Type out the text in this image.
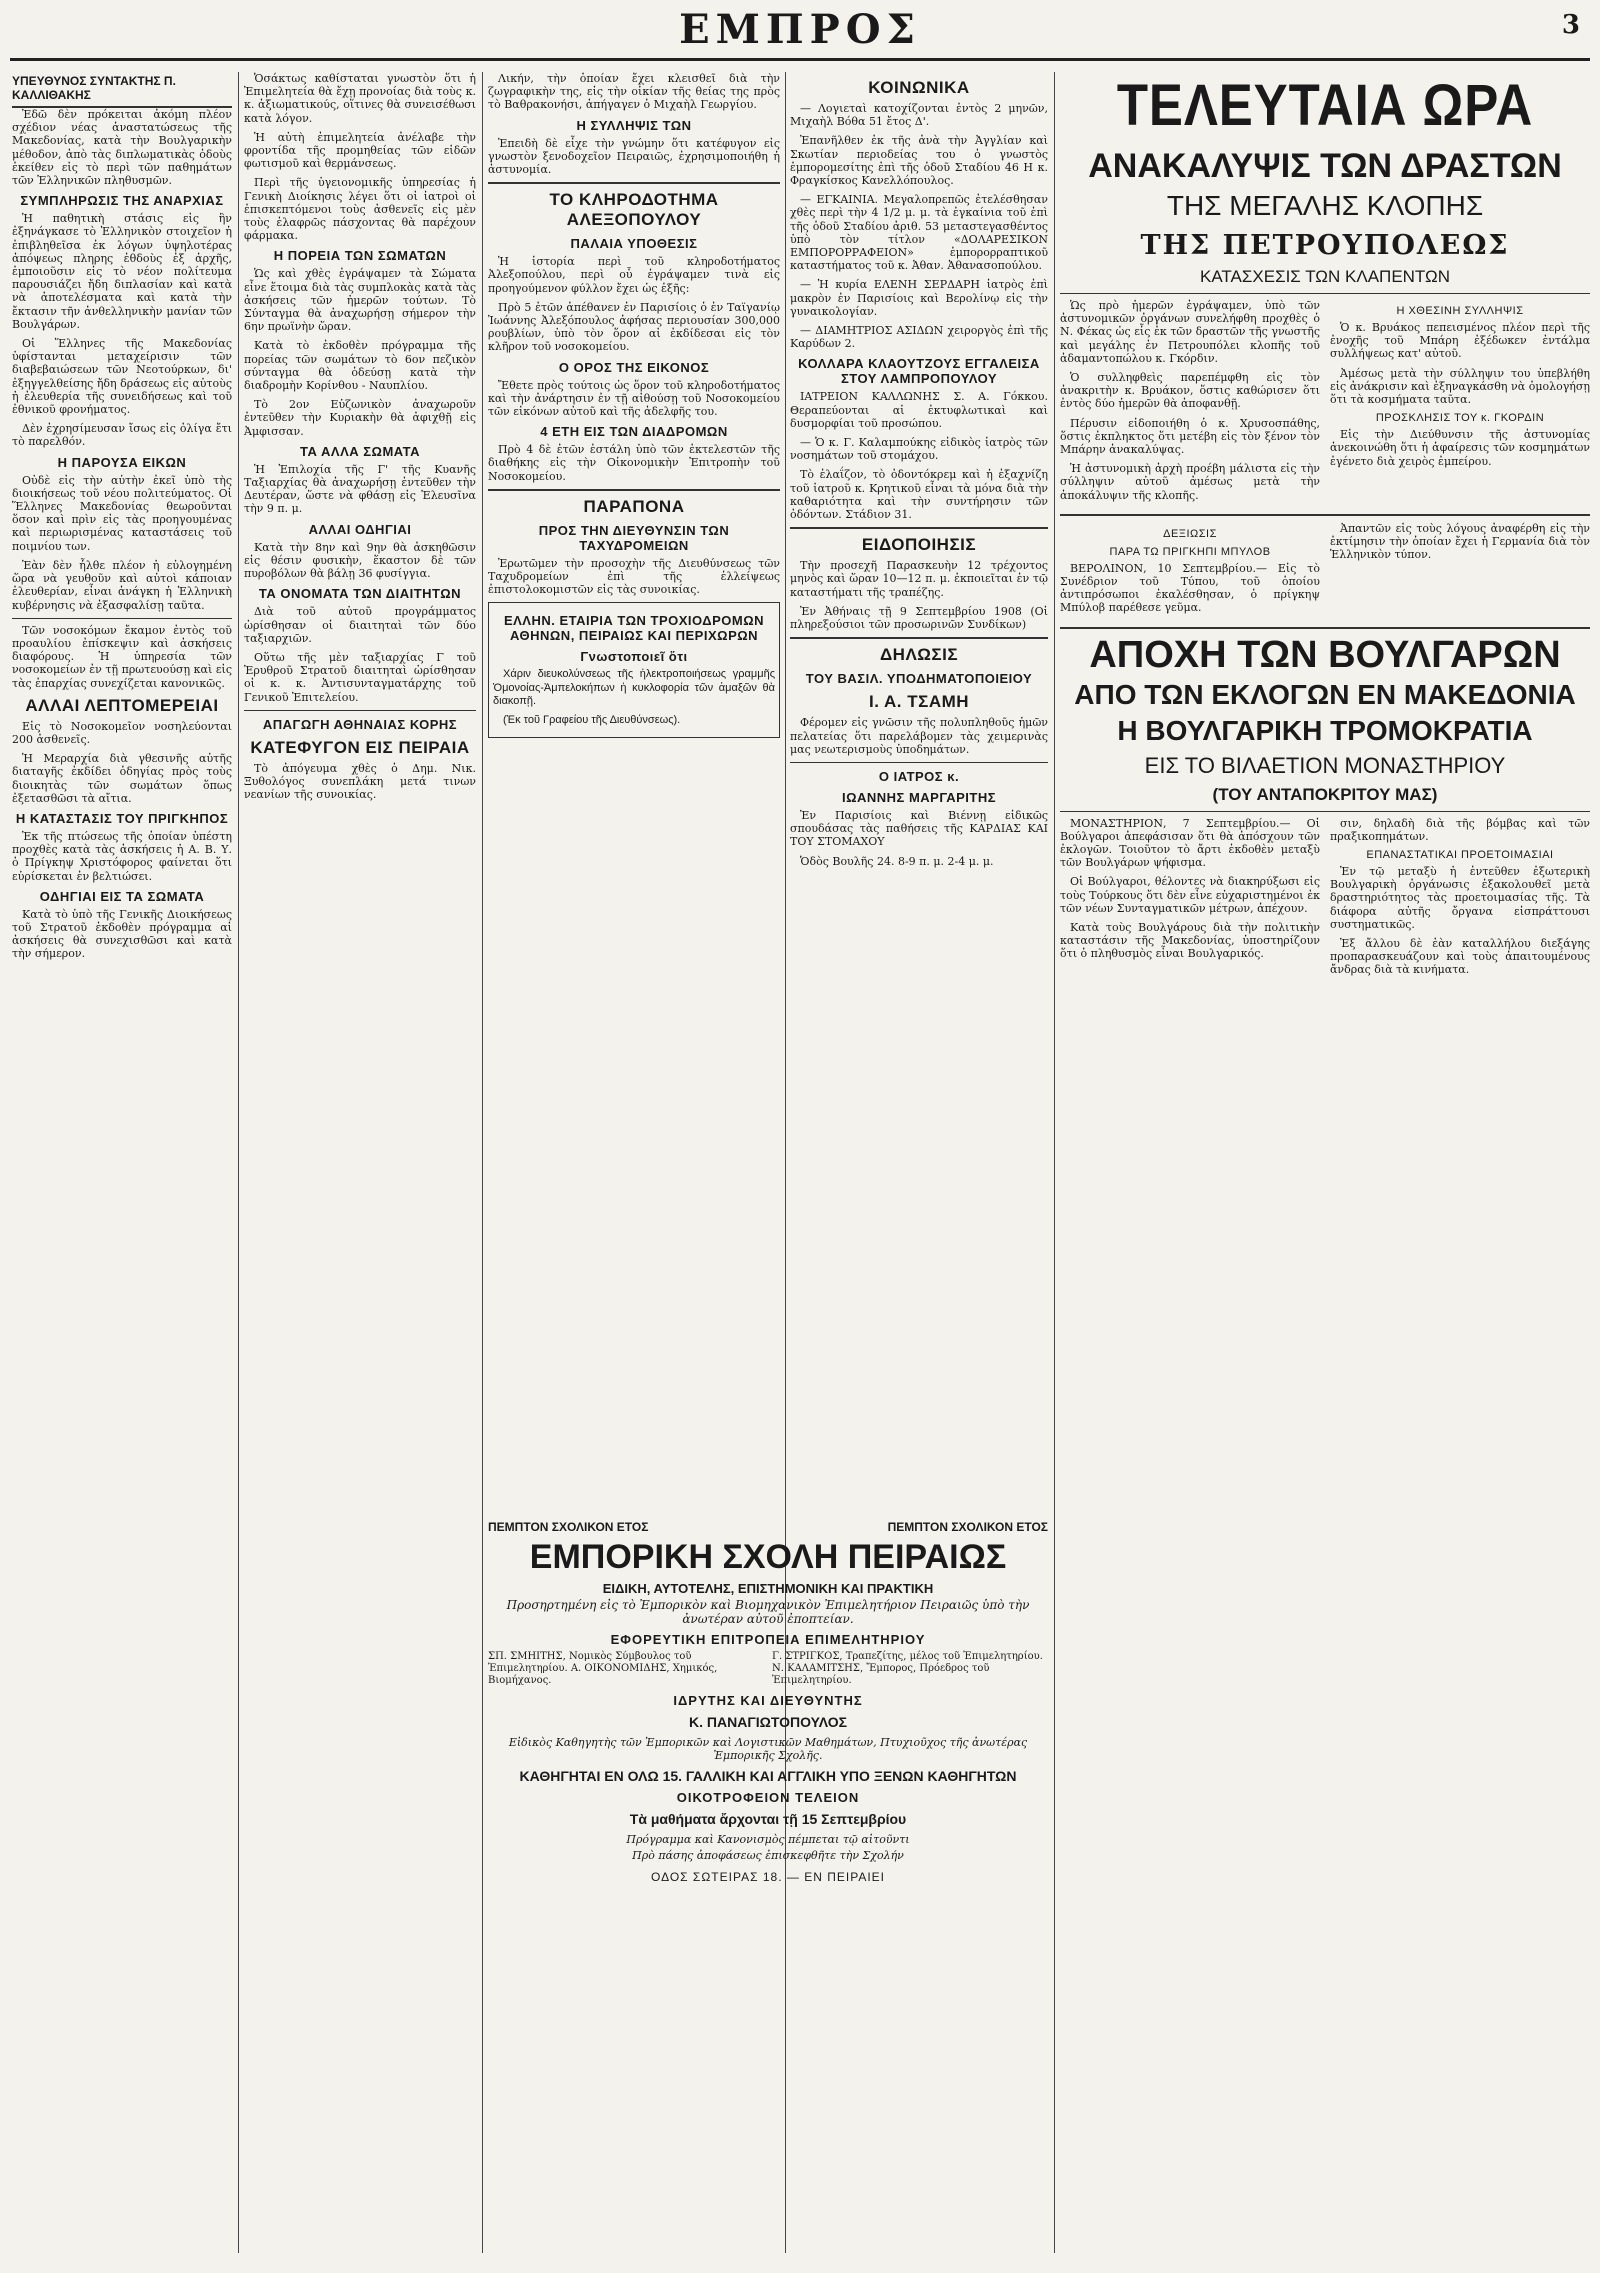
ΕΜΠΡΟΣ	3
ΥΠΕΥΘΥΝΟΣ ΣΥΝΤΑΚΤΗΣ Π. ΚΑΛΛΙΘΑΚΗΣ

Ἐδῶ δὲν πρόκειται ἀκόμη πλέον σχέδιον νέας ἀναστατώσεως τῆς Μακεδονίας, κατὰ τὴν Βουλγαρικὴν μέθοδον, ἀπὸ τὰς διπλωματικὰς ὁδοὺς ἐκείθεν εἰς τὸ περὶ τῶν παθημάτων τῶν Ἑλληνικῶν πληθυσμῶν.

ΣΥΜΠΛΗΡΩΣΙΣ ΤΗΣ ΑΝΑΡΧΙΑΣ

Ἡ παθητικὴ στάσις εἰς ἣν ἐξηνάγκασε τὸ Ἑλληνικὸν στοιχεῖον ἡ ἐπιβληθεῖσα ἐκ λόγων ὑψηλοτέρας ἀπόψεως πληρης ἐθδοὺς ἐξ ἀρχῆς, ἐμποιοῦσιν εἰς τὸ νέον πολίτευμα παρουσιάζει ἤδη διπλασίαν καὶ κατὰ νὰ ἀποτελέσματα καὶ κατὰ τὴν ἔκτασιν τῆν ἀνθελληνικὴν μανίαν τῶν Βουλγάρων.

Οἱ Ἕλληνες τῆς Μακεδονίας ὑφίστανται μεταχείρισιν τῶν διαβεβαιώσεων τῶν Νεοτούρκων, δι' ἐξηγγελθείσης ἤδη δράσεως εἰς αὐτοὺς ἡ ἐλευθερία τῆς συνειδήσεως καὶ τοῦ ἐθνικοῦ φρονήματος.

Δὲν ἐχρησίμευσαν ἴσως εἰς ὀλίγα ἔτι τὸ παρελθόν.

Η ΠΑΡΟΥΣΑ ΕΙΚΩΝ

Οὐδὲ εἰς τὴν αὐτὴν ἐκεῖ ὑπὸ τὴς διοικήσεως τοῦ νέου πολιτεύματος. Οἱ Ἕλληνες Μακεδονίας θεωροῦνται ὅσον καὶ πρὶν εἰς τὰς προηγουμένας καὶ περιωρισμένας καταστάσεις τοῦ ποιμνίου των.

Ἐὰν δὲν ἦλθε πλέον ἡ εὐλογημένη ὥρα νὰ γευθοῦν καὶ αὐτοὶ κάποιαν ἐλευθερίαν, εἶναι ἀνάγκη ἡ Ἑλληνικὴ κυβέρνησις νὰ ἐξασφαλίσῃ ταῦτα.

Τῶν νοσοκόμων ἔκαμον ἐντὸς τοῦ προαυλίου ἐπίσκεψιν καὶ ἀσκήσεις διαφόρους. Ἡ ὑπηρεσία τῶν νοσοκομείων ἐν τῇ πρωτευούσῃ καὶ εἰς τὰς ἐπαρχίας συνεχίζεται κανονικῶς.

ΑΛΛΑΙ ΛΕΠΤΟΜΕΡΕΙΑΙ

Εἰς τὸ Νοσοκομεῖον νοσηλεύονται 200 ἀσθενεῖς.

Ἡ Μεραρχία διὰ γθεσινῆς αὐτῆς διαταγῆς ἐκδίδει ὁδηγίας πρὸς τοὺς διοικητὰς τῶν σωμάτων ὅπως ἐξετασθῶσι τὰ αἴτια.

Η ΚΑΤΑΣΤΑΣΙΣ ΤΟΥ ΠΡΙΓΚΗΠΟΣ

Ἐκ τῆς πτώσεως τῆς ὁποίαν ὑπέστη προχθὲς κατὰ τὰς ἀσκήσεις ἡ Α. Β. Υ. ὁ Πρίγκηψ Χριστόφορος φαίνεται ὅτι εὑρίσκεται ἐν βελτιώσει.

ΟΔΗΓΙΑΙ ΕΙΣ ΤΑ ΣΩΜΑΤΑ

Κατὰ τὸ ὑπὸ τῆς Γενικῆς Διοικήσεως τοῦ Στρατοῦ ἐκδοθὲν πρόγραμμα αἱ ἀσκήσεις θὰ συνεχισθῶσι καὶ κατὰ τὴν σήμερον.

Ὁσάκτως καθίσταται γνωστὸν ὅτι ἡ Ἐπιμελητεία θὰ ἔχῃ προνοίας διὰ τοὺς κ. κ. ἀξιωματικούς, οἵτινες θὰ συνεισέθωσι κατὰ λόγον.

Ἡ αὐτὴ ἐπιμελητεία ἀνέλαβε τὴν φροντίδα τῆς προμηθείας τῶν εἰδῶν φωτισμοῦ καὶ θερμάνσεως.

Περὶ τῆς ὑγειονομικῆς ὑπηρεσίας ἡ Γενικὴ Διοίκησις λέγει ὅτι οἱ ἰατροὶ οἱ ἐπισκεπτόμενοι τοὺς ἀσθενεῖς εἰς μὲν τοὺς ἐλαφρῶς πάσχοντας θὰ παρέχουν φάρμακα.

Η ΠΟΡΕΙΑ ΤΩΝ ΣΩΜΑΤΩΝ

Ὡς καὶ χθὲς ἐγράψαμεν τὰ Σώματα εἶνε ἕτοιμα διὰ τὰς συμπλοκὰς κατὰ τὰς ἀσκήσεις τῶν ἡμερῶν τούτων. Τὸ Σύνταγμα θὰ ἀναχωρήσῃ σήμερον τὴν 6ην πρωϊνὴν ὥραν.

Κατὰ τὸ ἐκδοθὲν πρόγραμμα τῆς πορείας τῶν σωμάτων τὸ 6ον πεζικὸν σύνταγμα θὰ ὁδεύσῃ κατὰ τὴν διαδρομὴν Κορίνθου - Ναυπλίου.

Τὸ 2ον Εὐζωνικὸν ἀναχωροῦν ἐντεῦθεν τὴν Κυριακὴν θὰ ἀφιχθῇ εἰς Ἀμφισσαν.

ΤΑ ΑΛΛΑ ΣΩΜΑΤΑ

Ἡ Ἐπιλοχία τῆς Γ' τῆς Κυανῆς Ταξιαρχίας θὰ ἀναχωρήσῃ ἐντεῦθεν τὴν Δευτέραν, ὥστε νὰ φθάσῃ εἰς Ἐλευσῖνα τὴν 9 π. μ.

ΑΛΛΑΙ ΟΔΗΓΙΑΙ

Κατὰ τὴν 8ην καὶ 9ην θὰ ἀσκηθῶσιν εἰς θέσιν φυσικὴν, ἕκαστον δὲ τῶν πυροβόλων θὰ βάλῃ 36 φυσίγγια.

ΤΑ ΟΝΟΜΑΤΑ ΤΩΝ ΔΙΑΙΤΗΤΩΝ

Διὰ τοῦ αὐτοῦ προγράμματος ὡρίσθησαν οἱ διαιτηταὶ τῶν δύο ταξιαρχιῶν.

Οὕτω τῆς μὲν ταξιαρχίας Γ τοῦ Ἐρυθροῦ Στρατοῦ διαιτηταὶ ὡρίσθησαν οἱ κ. κ. Ἀντισυνταγματάρχης τοῦ Γενικοῦ Ἐπιτελείου.

ΑΠΑΓΩΓΗ ΑΘΗΝΑΙΑΣ ΚΟΡΗΣ
ΚΑΤΕΦΥΓΟΝ ΕΙΣ ΠΕΙΡΑΙΑ

Τὸ ἀπόγευμα χθὲς ὁ Δημ. Νικ. Ξυθολόγος συνεπλάκη μετά τινων νεανίων τῆς συνοικίας.

Λικήν, τὴν ὁποίαν ἔχει κλεισθεῖ διὰ τὴν ζωγραφικὴν της, εἰς τὴν οἰκίαν τῆς θείας της πρὸς τὸ Βαθρακονήσι, ἀπήγαγεν ὁ Μιχαὴλ Γεωργίου.

Η ΣΥΛΛΗΨΙΣ ΤΩΝ

Ἐπειδὴ δὲ εἶχε τὴν γνώμην ὅτι κατέφυγον εἰς γνωστὸν ξενοδοχεῖον Πειραιῶς, ἐχρησιμοποιήθη ἡ ἀστυνομία.

ΤΟ ΚΛΗΡΟΔΟΤΗΜΑ ΑΛΕΞΟΠΟΥΛΟΥ
ΠΑΛΑΙΑ ΥΠΟΘΕΣΙΣ

Ἡ ἱστορία περὶ τοῦ κληροδοτήματος Ἀλεξοπούλου, περὶ οὗ ἐγράψαμεν τινὰ εἰς προηγούμενον φύλλον ἔχει ὡς ἑξῆς:

Πρὸ 5 ἐτῶν ἀπέθανεν ἐν Παρισίοις ὁ ἐν Ταϊγανίῳ Ἰωάννης Ἀλεξόπουλος ἀφήσας περιουσίαν 300,000 ρουβλίων, ὑπὸ τὸν ὅρον αἱ ἐκδίδεσαι εἰς τὸν κλῆρον τοῦ νοσοκομείου.

Ο ΟΡΟΣ ΤΗΣ ΕΙΚΟΝΟΣ

Ἔθετε πρὸς τούτοις ὡς ὅρον τοῦ κληροδοτήματος καὶ τὴν ἀνάρτησιν ἐν τῇ αἰθούσῃ τοῦ Νοσοκομείου τῶν εἰκόνων αὐτοῦ καὶ τῆς ἀδελφῆς του.

4 ΕΤΗ ΕΙΣ ΤΩΝ ΔΙΑΔΡΟΜΩΝ

Πρὸ 4 δὲ ἐτῶν ἐστάλη ὑπὸ τῶν ἐκτελεστῶν τῆς διαθήκης εἰς τὴν Οἰκονομικὴν Ἐπιτροπὴν τοῦ Νοσοκομείου.

ΠΑΡΑΠΟΝΑ
ΠΡΟΣ ΤΗΝ ΔΙΕΥΘΥΝΣΙΝ ΤΩΝ ΤΑΧΥΔΡΟΜΕΙΩΝ

Ἐρωτῶμεν τὴν προσοχὴν τῆς Διευθύνσεως τῶν Ταχυδρομείων ἐπὶ τῆς ἐλλείψεως ἐπιστολοκομιστῶν εἰς τὰς συνοικίας.

ΕΛΛΗΝ. ΕΤΑΙΡΙΑ ΤΩΝ ΤΡΟΧΙΟΔΡΟΜΩΝ ΑΘΗΝΩΝ, ΠΕΙΡΑΙΩΣ ΚΑΙ ΠΕΡΙΧΩΡΩΝ
Γνωστοποιεῖ ὅτι

Χάριν διευκολύνσεως τῆς ἠλεκτροποιήσεως γραμμῆς Ὁμονοίας-Ἀμπελοκήπων ἡ κυκλοφορία τῶν ἁμαξῶν θὰ διακοπῇ.

(Ἐκ τοῦ Γραφείου τῆς Διευθύνσεως).

ΚΟΙΝΩΝΙΚΑ

— Λογιεταὶ κατοχίζονται ἐντὸς 2 μηνῶν, Μιχαὴλ Βόθα 51 ἔτος Δ'.

Ἐπανῆλθεν ἐκ τῆς ἀνὰ τὴν Ἀγγλίαν καὶ Σκωτίαν περιοδείας του ὁ γνωστὸς ἐμπορομεσίτης ἐπὶ τῆς ὁδοῦ Σταδίου 46 Η κ. Φραγκίσκος Κανελλόπουλος.

— ΕΓΚΑΙΝΙΑ. Μεγαλοπρεπῶς ἐτελέσθησαν χθὲς περὶ τὴν 4 1/2 μ. μ. τὰ ἐγκαίνια τοῦ ἐπὶ τῆς ὁδοῦ Σταδίου ἀριθ. 53 μεταστεγασθέντος ὑπὸ τὸν τίτλον «ΔΟΛΑΡΕΣΙΚΟΝ ΕΜΠΟΡΟΡΡΑΦΕΙΟΝ» ἐμπορορραπτικοῦ καταστήματος τοῦ κ. Ἀθαν. Ἀθανασοπούλου.

— Ἡ κυρία ΕΛΕΝΗ ΣΕΡΔΑΡΗ ἰατρὸς ἐπὶ μακρὸν ἐν Παρισίοις καὶ Βερολίνῳ εἰς τὴν γυναικολογίαν.

— ΔΙΑΜΗΤΡΙΟΣ ΑΣΙΔΩΝ χειροργὸς ἐπὶ τῆς Καρύδων 2.

ΚΟΛΛΑΡΑ ΚΛΑΟΥΤΖΟΥΣ ΕΓΓΑΛΕΙΣΑ ΣΤΟΥ ΛΑΜΠΡΟΠΟΥΛΟΥ

ΙΑΤΡΕΙΟΝ ΚΑΛΛΩΝΗΣ Σ. Α. Γόκκου. Θεραπεύονται αἱ ἐκτυφλωτικαὶ καὶ δυσμορφίαι τοῦ προσώπου.

— Ὁ κ. Γ. Καλαμπούκης εἰδικὸς ἰατρὸς τῶν νοσημάτων τοῦ στομάχου.

Τὸ ἐλαΐζον, τὸ ὀδοντόκρεμ καὶ ἡ ἐξαχνίζη τοῦ ἰατροῦ κ. Κρητικοῦ εἶναι τὰ μόνα διὰ τὴν καθαριότητα καὶ τὴν συντήρησιν τῶν ὀδόντων. Στάδιον 31.

ΕΙΔΟΠΟΙΗΣΙΣ

Τὴν προσεχῆ Παρασκευὴν 12 τρέχοντος μηνὸς καὶ ὥραν 10—12 π. μ. ἐκποιεῖται ἐν τῷ καταστήματι τῆς τραπέζης.

Ἐν Ἀθήναις τῇ 9 Σεπτεμβρίου 1908 (Οἱ πληρεξούσιοι τῶν προσωρινῶν Συνδίκων)

ΔΗΛΩΣΙΣ
ΤΟΥ ΒΑΣΙΛ. ΥΠΟΔΗΜΑΤΟΠΟΙΕΙΟΥ
Ι. Α. ΤΣΑΜΗ

Φέρομεν εἰς γνῶσιν τῆς πολυπληθοῦς ἡμῶν πελατείας ὅτι παρελάβομεν τὰς χειμερινὰς μας νεωτερισμοὺς ὑποδημάτων.

Ο ΙΑΤΡΟΣ κ.
ΙΩΑΝΝΗΣ ΜΑΡΓΑΡΙΤΗΣ

Ἐν Παρισίοις καὶ Βιέννῃ εἰδικῶς σπουδάσας τὰς παθήσεις τῆς ΚΑΡΔΙΑΣ ΚΑΙ ΤΟΥ ΣΤΟΜΑΧΟΥ

Ὁδὸς Βουλῆς 24. 8-9 π. μ. 2-4 μ. μ.

ΠΕΜΠΤΟΝ ΣΧΟΛΙΚΟΝ ΕΤΟΣ	ΠΕΜΠΤΟΝ ΣΧΟΛΙΚΟΝ ΕΤΟΣ
ΕΜΠΟΡΙΚΗ ΣΧΟΛΗ ΠΕΙΡΑΙΩΣ
ΕΙΔΙΚΗ, ΑΥΤΟΤΕΛΗΣ, ΕΠΙΣΤΗΜΟΝΙΚΗ ΚΑΙ ΠΡΑΚΤΙΚΗ
Προσηρτημένη εἰς τὸ Ἐμπορικὸν καὶ Βιομηχανικὸν Ἐπιμελητήριον Πειραιῶς ὑπὸ τὴν ἀνωτέραν αὐτοῦ ἐποπτείαν.
ΕΦΟΡΕΥΤΙΚΗ ΕΠΙΤΡΟΠΕΙΑ ΕΠΙΜΕΛΗΤΗΡΙΟΥ
ΣΠ. ΣΜΗΙΤΗΣ, Νομικὸς Σύμβουλος τοῦ Ἐπιμελητηρίου. Α. ΟΙΚΟΝΟΜΙΔΗΣ, Χημικός, Βιομήχανος.
Γ. ΣΤΡΙΓΚΟΣ, Τραπεζίτης, μέλος τοῦ Ἐπιμελητηρίου. Ν. ΚΑΛΑΜΙΤΣΗΣ, Ἔμπορος, Πρόεδρος τοῦ Ἐπιμελητηρίου.
ΙΔΡΥΤΗΣ ΚΑΙ ΔΙΕΥΘΥΝΤΗΣ
Κ. ΠΑΝΑΓΙΩΤΟΠΟΥΛΟΣ
Εἰδικὸς Καθηγητὴς τῶν Ἐμπορικῶν καὶ Λογιστικῶν Μαθημάτων, Πτυχιοῦχος τῆς ἀνωτέρας Ἐμπορικῆς Σχολῆς.
ΚΑΘΗΓΗΤΑΙ ΕΝ ΟΛΩ 15. ΓΑΛΛΙΚΗ ΚΑΙ ΑΓΓΛΙΚΗ ΥΠΟ ΞΕΝΩΝ ΚΑΘΗΓΗΤΩΝ
ΟΙΚΟΤΡΟΦΕΙΟΝ ΤΕΛΕΙΟΝ
Τὰ μαθήματα ἄρχονται τῇ 15 Σεπτεμβρίου
Πρόγραμμα καὶ Κανονισμὸς πέμπεται τῷ αἰτοῦντι
Πρὸ πάσης ἀποφάσεως ἐπισκεφθῆτε τὴν Σχολήν
ΟΔΟΣ ΣΩΤΕΙΡΑΣ 18. — ΕΝ ΠΕΙΡΑΙΕΙ
ΤΕΛΕΥΤΑΙΑ ΩΡΑ
ΑΝΑΚΑΛΥΨΙΣ ΤΩΝ ΔΡΑΣΤΩΝ
ΤΗΣ ΜΕΓΑΛΗΣ ΚΛΟΠΗΣ
ΤΗΣ ΠΕΤΡΟΥΠΟΛΕΩΣ
ΚΑΤΑΣΧΕΣΙΣ ΤΩΝ ΚΛΑΠΕΝΤΩΝ

Ὡς πρὸ ἡμερῶν ἐγράψαμεν, ὑπὸ τῶν ἀστυνομικῶν ὀργάνων συνελήφθη προχθὲς ὁ Ν. Φέκας ὡς εἷς ἐκ τῶν δραστῶν τῆς γνωστῆς καὶ μεγάλης ἐν Πετρουπόλει κλοπῆς τοῦ ἀδαμαντοπώλου κ. Γκόρδιν.

Ὁ συλληφθεὶς παρεπέμφθη εἰς τὸν ἀνακριτὴν κ. Βρυάκον, ὅστις καθώρισεν ὅτι ἐντὸς δύο ἡμερῶν θὰ ἀποφανθῇ.

Πέρυσιν εἰδοποιήθη ὁ κ. Χρυσοσπάθης, ὅστις ἐκπληκτος ὅτι μετέβη εἰς τὸν ξένον τὸν Μπάρην ἀνακαλύψας.

Ἡ ἀστυνομικὴ ἀρχὴ προέβη μάλιστα εἰς τὴν σύλληψιν αὐτοῦ ἀμέσως μετὰ τὴν ἀποκάλυψιν τῆς κλοπῆς.

Η ΧΘΕΣΙΝΗ ΣΥΛΛΗΨΙΣ

Ὁ κ. Βρυάκος πεπεισμένος πλέον περὶ τῆς ἐνοχῆς τοῦ Μπάρη ἐξέδωκεν ἐντάλμα συλλήψεως κατ' αὐτοῦ.

Ἀμέσως μετὰ τὴν σύλληψιν του ὑπεβλήθη εἰς ἀνάκρισιν καὶ ἐξηναγκάσθη νὰ ὁμολογήσῃ ὅτι τὰ κοσμήματα ταῦτα.

ΠΡΟΣΚΛΗΣΙΣ ΤΟΥ κ. ΓΚΟΡΔΙΝ

Εἰς τὴν Διεύθυνσιν τῆς ἀστυνομίας ἀνεκοινώθη ὅτι ἡ ἀφαίρεσις τῶν κοσμημάτων ἐγένετο διὰ χειρὸς ἐμπείρου.

ΔΕΞΙΩΣΙΣ
ΠΑΡΑ ΤΩ ΠΡΙΓΚΗΠΙ ΜΠΥΛΟΒ

ΒΕΡΟΛΙΝΟΝ, 10 Σεπτεμβρίου.— Εἰς τὸ Συνέδριον τοῦ Τύπου, τοῦ ὁποίου ἀντιπρόσωποι ἐκαλέσθησαν, ὁ πρίγκηψ Μπύλοβ παρέθεσε γεῦμα.

Ἀπαντῶν εἰς τοὺς λόγους ἀναφέρθη εἰς τὴν ἐκτίμησιν τὴν ὁποίαν ἔχει ἡ Γερμανία διὰ τὸν Ἑλληνικὸν τύπον.

ΑΠΟΧΗ ΤΩΝ ΒΟΥΛΓΑΡΩΝ
ΑΠΟ ΤΩΝ ΕΚΛΟΓΩΝ ΕΝ ΜΑΚΕΔΟΝΙΑ
Η ΒΟΥΛΓΑΡΙΚΗ ΤΡΟΜΟΚΡΑΤΙΑ
ΕΙΣ ΤΟ ΒΙΛΑΕΤΙΟΝ ΜΟΝΑΣΤΗΡΙΟΥ
(ΤΟΥ ΑΝΤΑΠΟΚΡΙΤΟΥ ΜΑΣ)

ΜΟΝΑΣΤΗΡΙΟΝ, 7 Σεπτεμβρίου.— Οἱ Βούλγαροι ἀπεφάσισαν ὅτι θὰ ἀπόσχουν τῶν ἐκλογῶν. Τοιοῦτον τὸ ἄρτι ἐκδοθὲν μεταξὺ τῶν Βουλγάρων ψήφισμα.

Οἱ Βούλγαροι, θέλοντες νὰ διακηρύξωσι εἰς τοὺς Τούρκους ὅτι δὲν εἶνε εὐχαριστημένοι ἐκ τῶν νέων Συνταγματικῶν μέτρων, ἀπέχουν.

Κατὰ τοὺς Βουλγάρους διὰ τὴν πολιτικὴν καταστάσιν τῆς Μακεδονίας, ὑποστηρίζουν ὅτι ὁ πληθυσμὸς εἶναι Βουλγαρικός.

σιν, δηλαδὴ διὰ τῆς βόμβας καὶ τῶν πραξικοπημάτων.

ΕΠΑΝΑΣΤΑΤΙΚΑΙ ΠΡΟΕΤΟΙΜΑΣΙΑΙ

Ἐν τῷ μεταξὺ ἡ ἐντεῦθεν ἐξωτερικὴ Βουλγαρικὴ ὀργάνωσις ἐξακολουθεῖ μετὰ δραστηριότητος τὰς προετοιμασίας τῆς. Τὰ διάφορα αὐτῆς ὄργανα εἰσπράττουσι συστηματικῶς.

Ἐξ ἄλλου δὲ ἐὰν καταλλήλου διεξάγης προπαρασκευάζουν καὶ τοὺς ἀπαιτουμένους ἄνδρας διὰ τὰ κινήματα.
